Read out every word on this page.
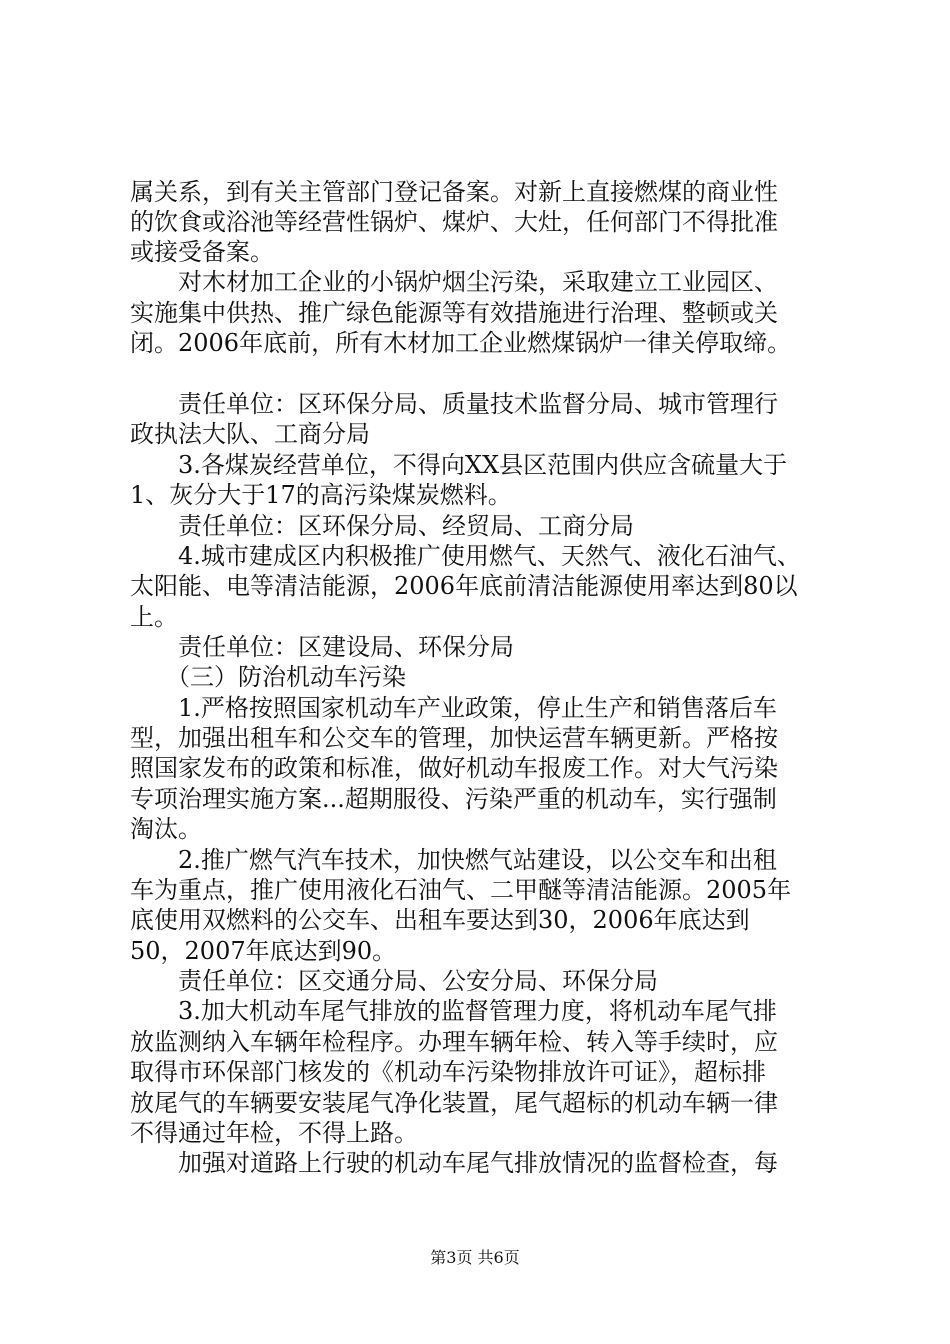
属关系，到有关主管部门登记备案。对新上直接燃煤的商业性
的饮食或浴池等经营性锅炉、煤炉、大灶，任何部门不得批准
或接受备案。
　　对木材加工企业的小锅炉烟尘污染，采取建立工业园区、
实施集中供热、推广绿色能源等有效措施进行治理、整顿或关
闭。2006年底前，所有木材加工企业燃煤锅炉一律关停取缔。
　　责任单位：区环保分局、质量技术监督分局、城市管理行
政执法大队、工商分局
　　3.各煤炭经营单位，不得向XX县区范围内供应含硫量大于
1、灰分大于17的高污染煤炭燃料。
　　责任单位：区环保分局、经贸局、工商分局
　　4.城市建成区内积极推广使用燃气、天然气、液化石油气、
太阳能、电等清洁能源，2006年底前清洁能源使用率达到80以
上。
　　责任单位：区建设局、环保分局
　　（三）防治机动车污染
　　1.严格按照国家机动车产业政策，停止生产和销售落后车
型，加强出租车和公交车的管理，加快运营车辆更新。严格按
照国家发布的政策和标准，做好机动车报废工作。对大气污染
专项治理实施方案...超期服役、污染严重的机动车，实行强制
淘汰。
　　2.推广燃气汽车技术，加快燃气站建设，以公交车和出租
车为重点，推广使用液化石油气、二甲醚等清洁能源。2005年
底使用双燃料的公交车、出租车要达到30，2006年底达到
50，2007年底达到90。
　　责任单位：区交通分局、公安分局、环保分局
　　3.加大机动车尾气排放的监督管理力度，将机动车尾气排
放监测纳入车辆年检程序。办理车辆年检、转入等手续时，应
取得市环保部门核发的《机动车污染物排放许可证》，超标排
放尾气的车辆要安装尾气净化装置，尾气超标的机动车辆一律
不得通过年检，不得上路。
　　加强对道路上行驶的机动车尾气排放情况的监督检查，每
第3页 共6页
